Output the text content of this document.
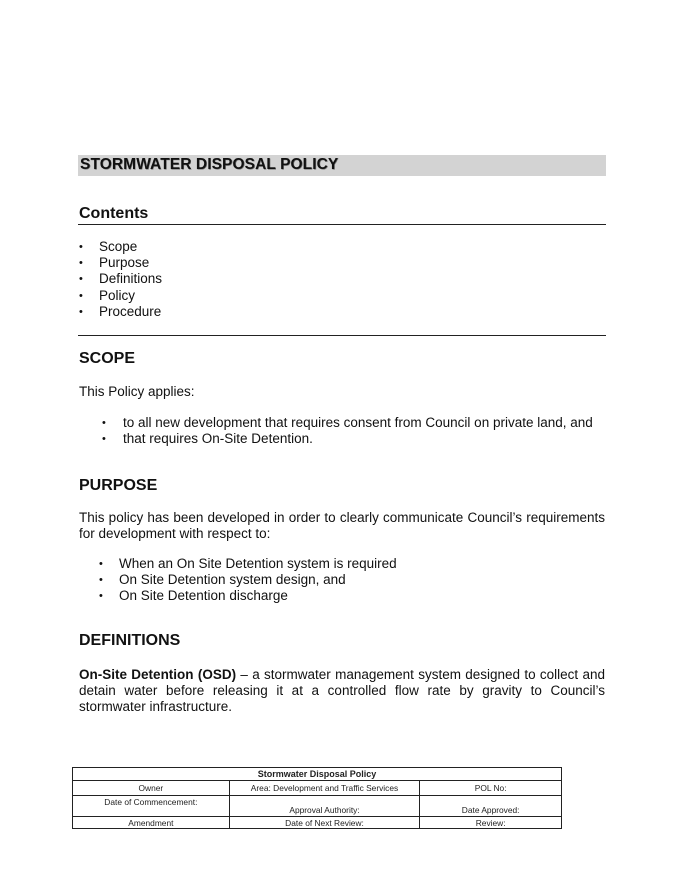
STORMWATER DISPOSAL POLICY
Contents
• Scope
• Purpose
• Definitions
• Policy
• Procedure
SCOPE
This Policy applies:
• to all new development that requires consent from Council on private land, and
• that requires On-Site Detention.
PURPOSE
This policy has been developed in order to clearly communicate Council’s requirements for development with respect to:
• When an On Site Detention system is required
• On Site Detention system design, and
• On Site Detention discharge
DEFINITIONS
On-Site Detention (OSD) – a stormwater management system designed to collect and detain water before releasing it at a controlled flow rate by gravity to Council’s stormwater infrastructure.
Stormwater Disposal Policy		
Owner	Area: Development and Traffic Services	POL No:
Date of Commencement:	Approval Authority:	Date Approved:
Amendment	Date of Next Review:	Review:
